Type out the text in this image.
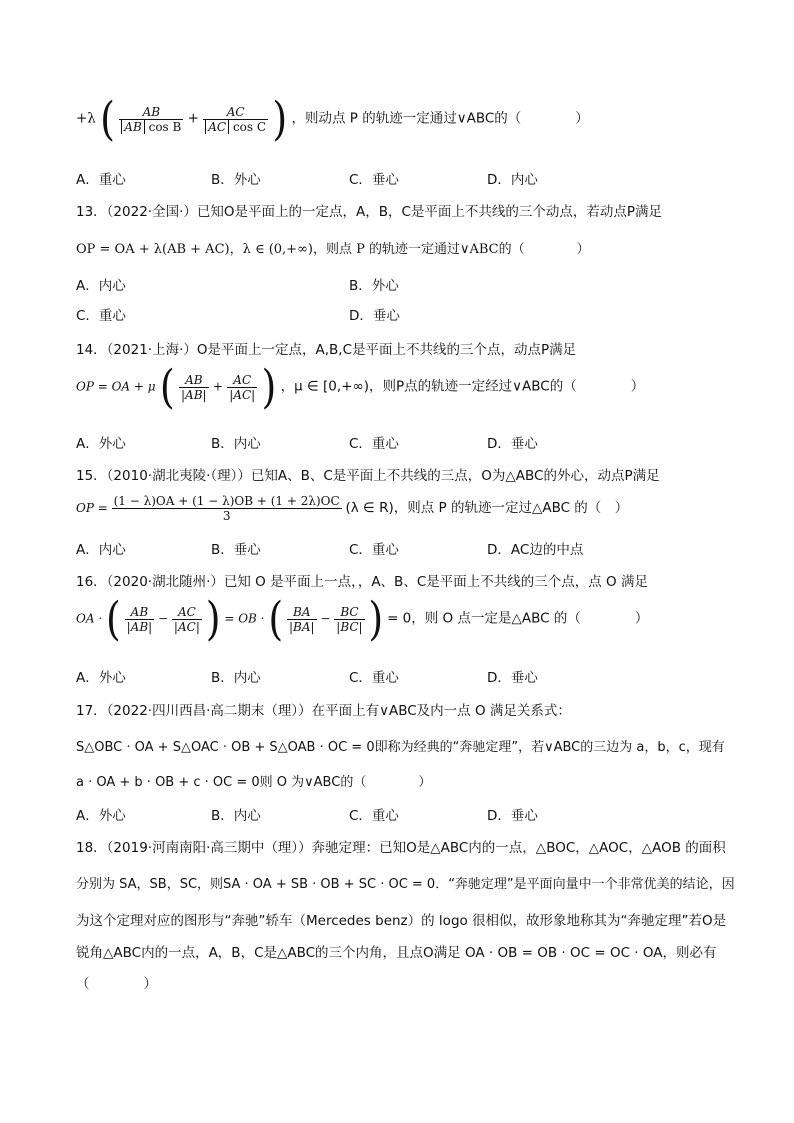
+λ ( $\frac{AB}{\text{AB cos B}} + \frac{AC}{\text{AC cos C}}$ ) ，则动点 P 的轨迹一定通过∨ABC的（　　　　）
A．重心	B．外心	C．垂心	D．内心
13．（2022·全国·）已知O是平面上的一定点，A，B，C是平面上不共线的三个动点，若动点P满足
OP = OA + λ(AB + AC)，λ ∈ (0,+∞)，则点 P 的轨迹一定通过∨ABC的（　　　　）
A．内心	B．外心
C．重心	D．垂心
14．（2021·上海·）O是平面上一定点，A,B,C是平面上不共线的三个点，动点P满足
OP = OA + μ ( $\frac{AB}{|AB|} + \frac{AC}{|AC|}$ ) ，μ ∈ [0,+∞)，则P点的轨迹一定经过∨ABC的（　　　　）
A．外心	B．内心	C．重心	D．垂心
15．（2010·湖北夷陵·（理））已知A、B、C是平面上不共线的三点，O为△ABC的外心，动点P满足
OP = $\frac{(1 - \lambda)OA + (1 - \lambda)OB + (1 + 2\lambda)OC}{3} (\lambda$ ∈ R)，则点 P 的轨迹一定过△ABC 的（　）
A．内心	B．垂心	C．重心	D．AC边的中点
16．（2020·湖北随州·）已知 O 是平面上一点，，A、B、C是平面上不共线的三个点，点 O 满足
OA · ( $\frac{AB}{|AB|} - \frac{AC}{|AC|}$ ) = OB · ( $\frac{BA}{|BA|} - \frac{BC}{|BC|}$ ) = 0，则 O 点一定是△ABC 的（　　　　）
A．外心	B．内心	C．重心	D．垂心
17．（2022·四川西昌·高二期末（理））在平面上有∨ABC及内一点 O 满足关系式：
S△OBC · OA + S△OAC · OB + S△OAB · OC = 0即称为经典的“奔驰定理”，若∨ABC的三边为 a，b，c，现有
a · OA + b · OB + c · OC = 0则 O 为∨ABC的（　　　　）
A．外心	B．内心	C．重心	D．垂心
18．（2019·河南南阳·高三期中（理））奔驰定理：已知O是△ABC内的一点，△BOC，△AOC，△AOB 的面积
分别为 SA，SB，SC，则SA · OA + SB · OB + SC · OC = 0．“奔驰定理”是平面向量中一个非常优美的结论，因
为这个定理对应的图形与“奔驰”轿车（Mercedes benz）的 logo 很相似，故形象地称其为“奔驰定理”若O是
锐角△ABC内的一点，A，B，C是△ABC的三个内角，且点O满足 OA · OB = OB · OC = OC · OA，则必有
（　　　　）
